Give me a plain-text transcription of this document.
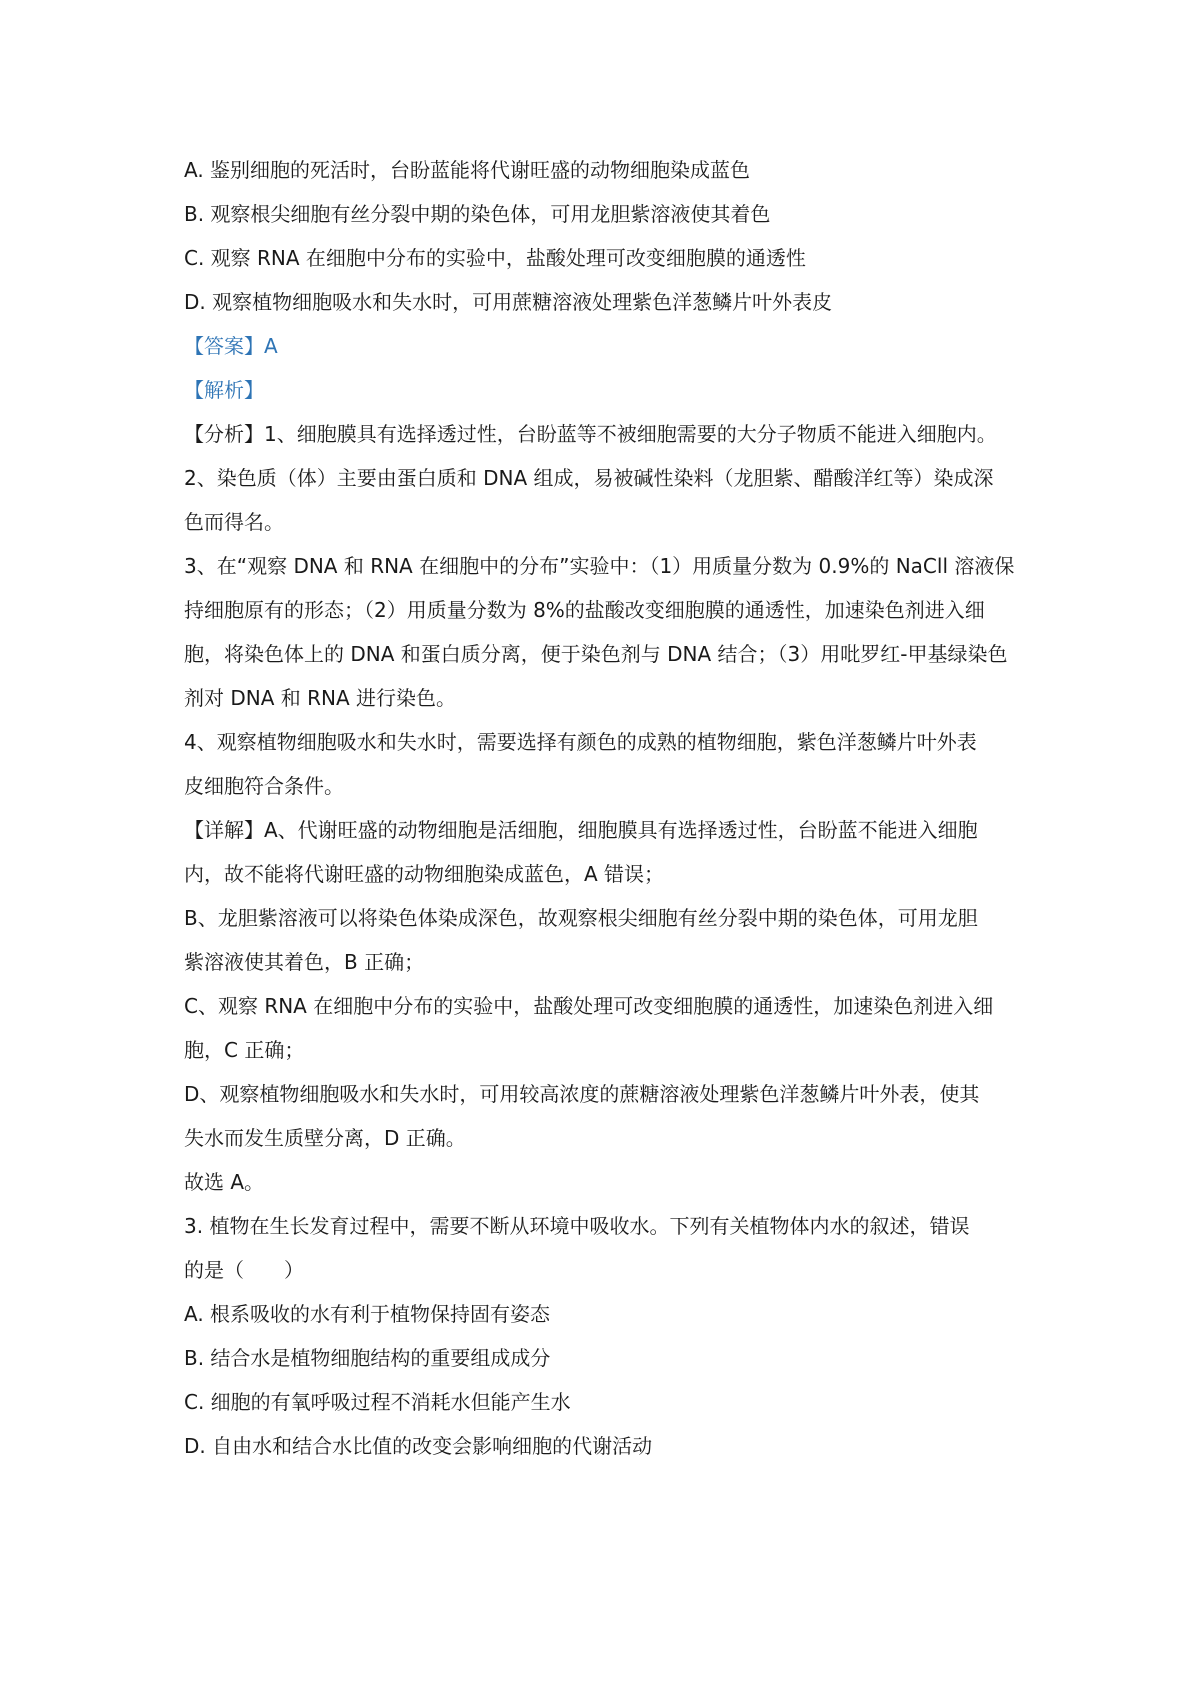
A. 鉴别细胞的死活时，台盼蓝能将代谢旺盛的动物细胞染成蓝色
B. 观察根尖细胞有丝分裂中期的染色体，可用龙胆紫溶液使其着色
C. 观察 RNA 在细胞中分布的实验中，盐酸处理可改变细胞膜的通透性
D. 观察植物细胞吸水和失水时，可用蔗糖溶液处理紫色洋葱鳞片叶外表皮
【答案】A
【解析】
【分析】1、细胞膜具有选择透过性，台盼蓝等不被细胞需要的大分子物质不能进入细胞内。
2、染色质（体）主要由蛋白质和 DNA 组成，易被碱性染料（龙胆紫、醋酸洋红等）染成深
色而得名。
3、在“观察 DNA 和 RNA 在细胞中的分布”实验中：（1）用质量分数为 0.9%的 NaCll 溶液保
持细胞原有的形态；（2）用质量分数为 8%的盐酸改变细胞膜的通透性，加速染色剂进入细
胞，将染色体上的 DNA 和蛋白质分离，便于染色剂与 DNA 结合；（3）用吡罗红-甲基绿染色
剂对 DNA 和 RNA 进行染色。
4、观察植物细胞吸水和失水时，需要选择有颜色的成熟的植物细胞，紫色洋葱鳞片叶外表
皮细胞符合条件。
【详解】A、代谢旺盛的动物细胞是活细胞，细胞膜具有选择透过性，台盼蓝不能进入细胞
内，故不能将代谢旺盛的动物细胞染成蓝色，A 错误；
B、龙胆紫溶液可以将染色体染成深色，故观察根尖细胞有丝分裂中期的染色体，可用龙胆
紫溶液使其着色，B 正确；
C、观察 RNA 在细胞中分布的实验中，盐酸处理可改变细胞膜的通透性，加速染色剂进入细
胞，C 正确；
D、观察植物细胞吸水和失水时，可用较高浓度的蔗糖溶液处理紫色洋葱鳞片叶外表，使其
失水而发生质壁分离，D 正确。
故选 A。
3. 植物在生长发育过程中，需要不断从环境中吸收水。下列有关植物体内水的叙述，错误
的是（　　）
A. 根系吸收的水有利于植物保持固有姿态
B. 结合水是植物细胞结构的重要组成成分
C. 细胞的有氧呼吸过程不消耗水但能产生水
D. 自由水和结合水比值的改变会影响细胞的代谢活动
